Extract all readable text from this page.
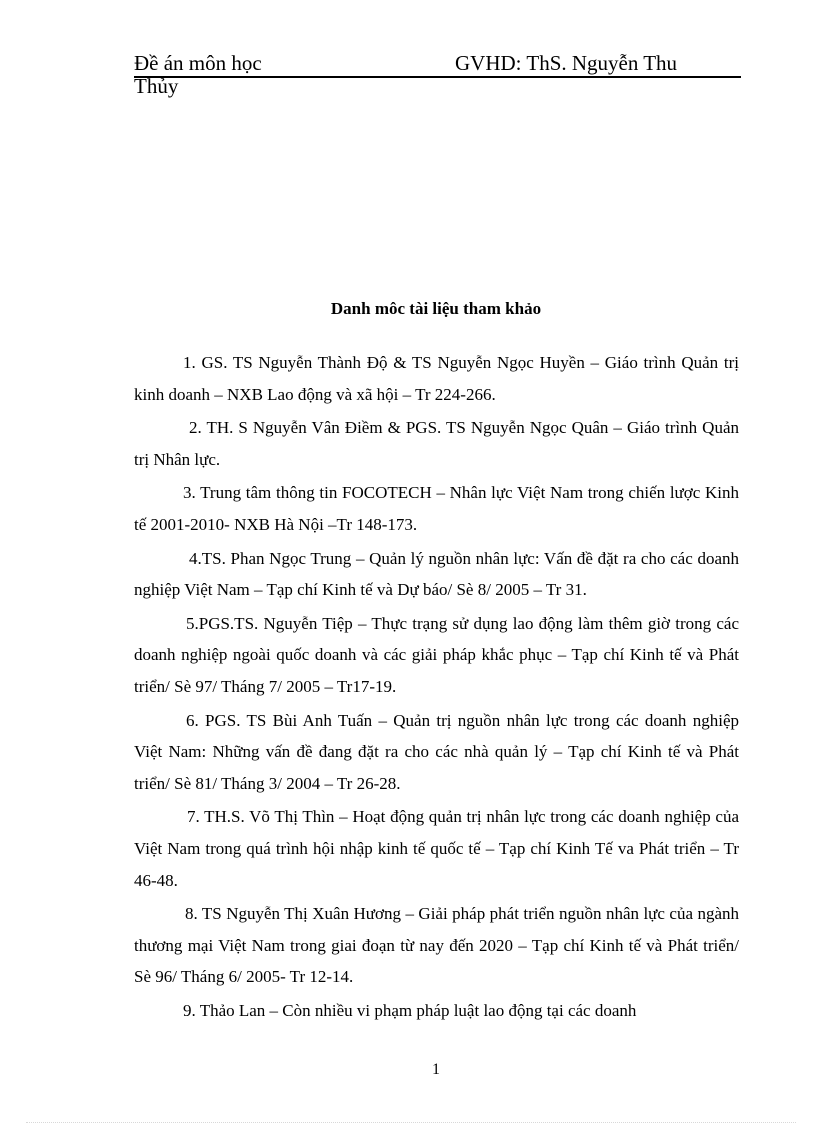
Đề án môn học	GVHD: ThS. Nguyễn Thu
Thủy
Danh môc tài liệu tham khảo

1. GS. TS Nguyễn Thành Độ & TS Nguyễn Ngọc Huyền – Giáo trình Quản trị kinh doanh – NXB Lao động và xã hội – Tr 224-266.

2. TH. S Nguyễn Vân Điềm & PGS. TS Nguyễn Ngọc Quân – Giáo trình Quản trị Nhân lực.

3. Trung tâm thông tin FOCOTECH – Nhân lực Việt Nam trong chiến lược Kinh tế 2001-2010- NXB Hà Nội –Tr 148-173.

4.TS. Phan Ngọc Trung – Quản lý nguồn nhân lực: Vấn đề đặt ra cho các doanh nghiệp Việt Nam – Tạp chí Kinh tế và Dự báo/ Sè 8/ 2005 – Tr 31.

5.PGS.TS. Nguyễn Tiệp – Thực trạng sử dụng lao động làm thêm giờ trong các doanh nghiệp ngoài quốc doanh và các giải pháp khắc phục – Tạp chí Kinh tế và Phát triển/ Sè 97/ Tháng 7/ 2005 – Tr17-19.

6. PGS. TS Bùi Anh Tuấn – Quản trị nguồn nhân lực trong các doanh nghiệp Việt Nam: Những vấn đề đang đặt ra cho các nhà quản lý – Tạp chí Kinh tế và Phát triển/ Sè 81/ Tháng 3/ 2004 – Tr 26-28.

7. TH.S. Võ Thị Thìn – Hoạt động quản trị nhân lực trong các doanh nghiệp của Việt Nam trong quá trình hội nhập kinh tế quốc tế – Tạp chí Kinh Tế va Phát triển – Tr 46-48.

8. TS Nguyễn Thị Xuân Hương – Giải pháp phát triển nguồn nhân lực của ngành thương mại Việt Nam trong giai đoạn từ nay đến 2020 – Tạp chí Kinh tế và Phát triển/ Sè 96/ Tháng 6/ 2005- Tr 12-14.

9. Thảo Lan – Còn nhiều vi phạm pháp luật lao động tại các doanh

1
